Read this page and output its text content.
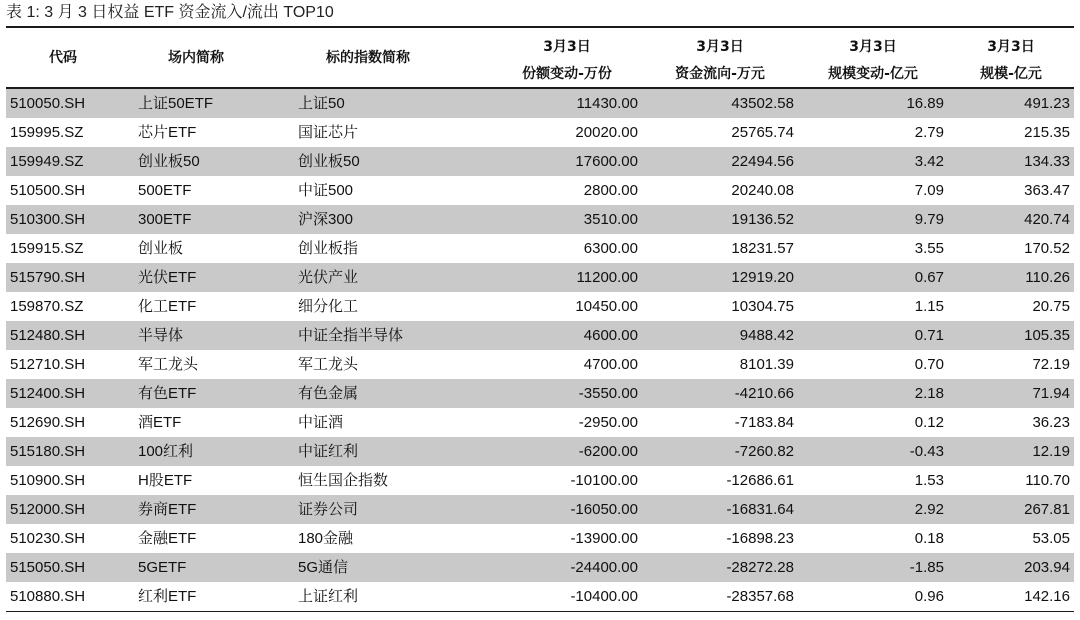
表 1: 3 月 3 日权益 ETF 资金流入/流出 TOP10
代码	场内简称	标的指数简称	3月3日	3月3日	3月3日	3月3日
			份额变动-万份	资金流向-万元	规模变动-亿元	规模-亿元
510050.SH	上证50ETF	上证50	11430.00	43502.58	16.89	491.23
159995.SZ	芯片ETF	国证芯片	20020.00	25765.74	2.79	215.35
159949.SZ	创业板50	创业板50	17600.00	22494.56	3.42	134.33
510500.SH	500ETF	中证500	2800.00	20240.08	7.09	363.47
510300.SH	300ETF	沪深300	3510.00	19136.52	9.79	420.74
159915.SZ	创业板	创业板指	6300.00	18231.57	3.55	170.52
515790.SH	光伏ETF	光伏产业	11200.00	12919.20	0.67	110.26
159870.SZ	化工ETF	细分化工	10450.00	10304.75	1.15	20.75
512480.SH	半导体	中证全指半导体	4600.00	9488.42	0.71	105.35
512710.SH	军工龙头	军工龙头	4700.00	8101.39	0.70	72.19
512400.SH	有色ETF	有色金属	-3550.00	-4210.66	2.18	71.94
512690.SH	酒ETF	中证酒	-2950.00	-7183.84	0.12	36.23
515180.SH	100红利	中证红利	-6200.00	-7260.82	-0.43	12.19
510900.SH	H股ETF	恒生国企指数	-10100.00	-12686.61	1.53	110.70
512000.SH	券商ETF	证券公司	-16050.00	-16831.64	2.92	267.81
510230.SH	金融ETF	180金融	-13900.00	-16898.23	0.18	53.05
515050.SH	5GETF	5G通信	-24400.00	-28272.28	-1.85	203.94
510880.SH	红利ETF	上证红利	-10400.00	-28357.68	0.96	142.16
